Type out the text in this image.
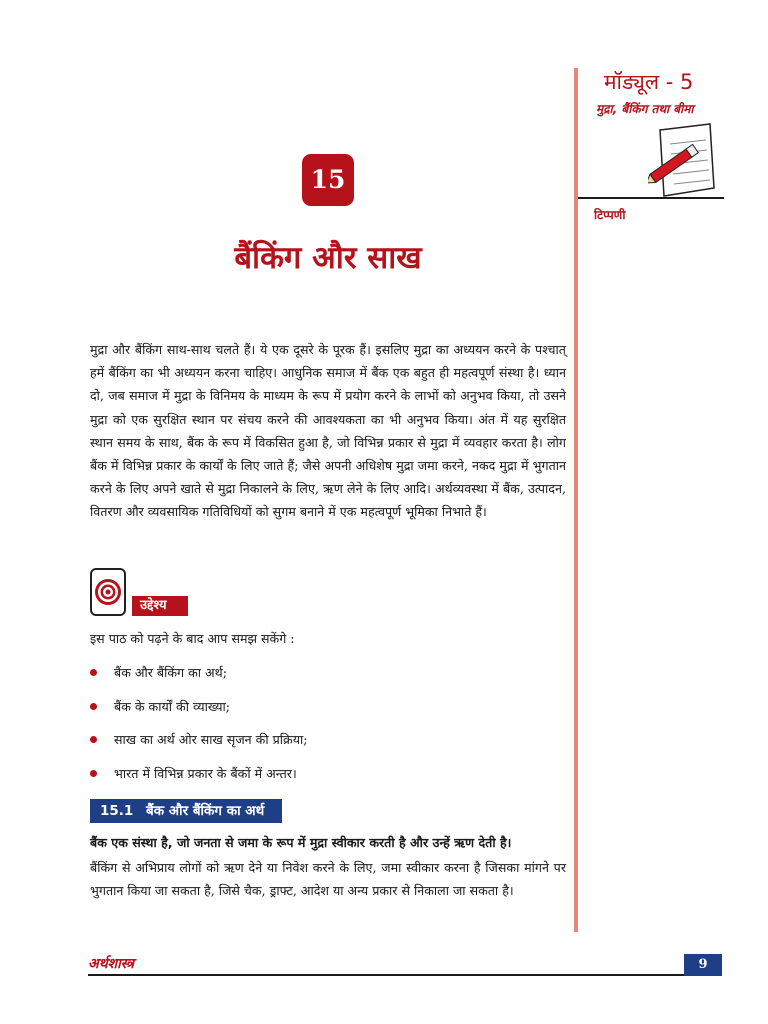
मॉड्यूल - 5
मुद्रा, बैंकिंग तथा बीमा
टिप्पणी
15
बैंकिंग और साख

मुद्रा और बैंकिंग साथ-साथ चलते हैं। ये एक दूसरे के पूरक हैं। इसलिए मुद्रा का अध्ययन करने के पश्चात् हमें बैंकिंग का भी अध्ययन करना चाहिए। आधुनिक समाज में बैंक एक बहुत ही महत्वपूर्ण संस्था है। ध्यान दो, जब समाज में मुद्रा के विनिमय के माध्यम के रूप में प्रयोग करने के लाभों को अनुभव किया, तो उसने मुद्रा को एक सुरक्षित स्थान पर संचय करने की आवश्यकता का भी अनुभव किया। अंत में यह सुरक्षित स्थान समय के साथ, बैंक के रूप में विकसित हुआ है, जो विभिन्न प्रकार से मुद्रा में व्यवहार करता है। लोग बैंक में विभिन्न प्रकार के कार्यों के लिए जाते हैं; जैसे अपनी अधिशेष मुद्रा जमा करने, नकद मुद्रा में भुगतान करने के लिए अपने खाते से मुद्रा निकालने के लिए, ऋण लेने के लिए आदि। अर्थव्यवस्था में बैंक, उत्पादन, वितरण और व्यवसायिक गतिविधियों को सुगम बनाने में एक महत्वपूर्ण भूमिका निभाते हैं।

उद्देश्य

इस पाठ को पढ़ने के बाद आप समझ सकेंगे :

बैंक और बैंकिंग का अर्थ;
बैंक के कार्यों की व्याख्या;
साख का अर्थ ओर साख सृजन की प्रक्रिया;
भारत में विभिन्न प्रकार के बैंकों में अन्तर।
15.1 बैंक और बैंकिंग का अर्थ

बैंक एक संस्था है, जो जनता से जमा के रूप में मुद्रा स्वीकार करती है और उन्हें ऋण देती है।

बैंकिंग से अभिप्राय लोगों को ऋण देने या निवेश करने के लिए, जमा स्वीकार करना है जिसका मांगने पर भुगतान किया जा सकता है, जिसे चैक, ड्राफ्ट, आदेश या अन्य प्रकार से निकाला जा सकता है।

अर्थशास्त्र	9
